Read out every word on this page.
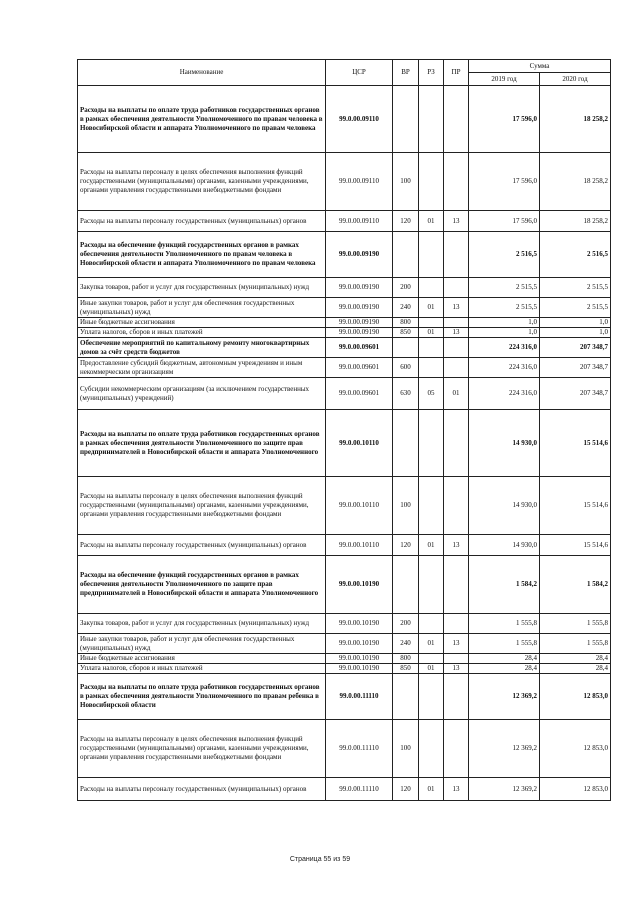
Наименование	ЦСР	ВР	РЗ	ПР	Сумма	
					2019 год	2020 год
Расходы на выплаты по оплате труда работников государственных органов в рамках обеспечения деятельности Уполномоченного по правам человека в Новосибирской области и аппарата Уполномоченного по правам человека	99.0.00.09110				17 596,0	18 258,2
Расходы на выплаты персоналу в целях обеспечения выполнения функций государственными (муниципальными) органами, казенными учреждениями, органами управления государственными внебюджетными фондами	99.0.00.09110	100			17 596,0	18 258,2
Расходы на выплаты персоналу государственных (муниципальных) органов	99.0.00.09110	120	01	13	17 596,0	18 258,2
Расходы на обеспечение функций государственных органов в рамках обеспечения деятельности Уполномоченного по правам человека в Новосибирской области и аппарата Уполномоченного по правам человека	99.0.00.09190				2 516,5	2 516,5
Закупка товаров, работ и услуг для государственных (муниципальных) нужд	99.0.00.09190	200			2 515,5	2 515,5
Иные закупки товаров, работ и услуг для обеспечения государственных (муниципальных) нужд	99.0.00.09190	240	01	13	2 515,5	2 515,5
Иные бюджетные ассигнования	99.0.00.09190	800			1,0	1,0
Уплата налогов, сборов и иных платежей	99.0.00.09190	850	01	13	1,0	1,0
Обеспечение мероприятий по капитальному ремонту многоквартирных домов за счёт средств бюджетов	99.0.00.09601				224 316,0	207 348,7
Предоставление субсидий бюджетным, автономным учреждениям и иным некоммерческим организациям	99.0.00.09601	600			224 316,0	207 348,7
Субсидии некоммерческим организациям (за исключением государственных (муниципальных) учреждений)	99.0.00.09601	630	05	01	224 316,0	207 348,7
Расходы на выплаты по оплате труда работников государственных органов в рамках обеспечения деятельности Уполномоченного по защите прав предпринимателей в Новосибирской области и аппарата Уполномоченного	99.0.00.10110				14 930,0	15 514,6
Расходы на выплаты персоналу в целях обеспечения выполнения функций государственными (муниципальными) органами, казенными учреждениями, органами управления государственными внебюджетными фондами	99.0.00.10110	100			14 930,0	15 514,6
Расходы на выплаты персоналу государственных (муниципальных) органов	99.0.00.10110	120	01	13	14 930,0	15 514,6
Расходы на обеспечение функций государственных органов в рамках обеспечения деятельности Уполномоченного по защите прав предпринимателей в Новосибирской области и аппарата Уполномоченного	99.0.00.10190				1 584,2	1 584,2
Закупка товаров, работ и услуг для государственных (муниципальных) нужд	99.0.00.10190	200			1 555,8	1 555,8
Иные закупки товаров, работ и услуг для обеспечения государственных (муниципальных) нужд	99.0.00.10190	240	01	13	1 555,8	1 555,8
Иные бюджетные ассигнования	99.0.00.10190	800			28,4	28,4
Уплата налогов, сборов и иных платежей	99.0.00.10190	850	01	13	28,4	28,4
Расходы на выплаты по оплате труда работников государственных органов в рамках обеспечения деятельности Уполномоченного по правам ребенка в Новосибирской области	99.0.00.11110				12 369,2	12 853,0
Расходы на выплаты персоналу в целях обеспечения выполнения функций государственными (муниципальными) органами, казенными учреждениями, органами управления государственными внебюджетными фондами	99.0.00.11110	100			12 369,2	12 853,0
Расходы на выплаты персоналу государственных (муниципальных) органов	99.0.00.11110	120	01	13	12 369,2	12 853,0
Страница 55 из 59
